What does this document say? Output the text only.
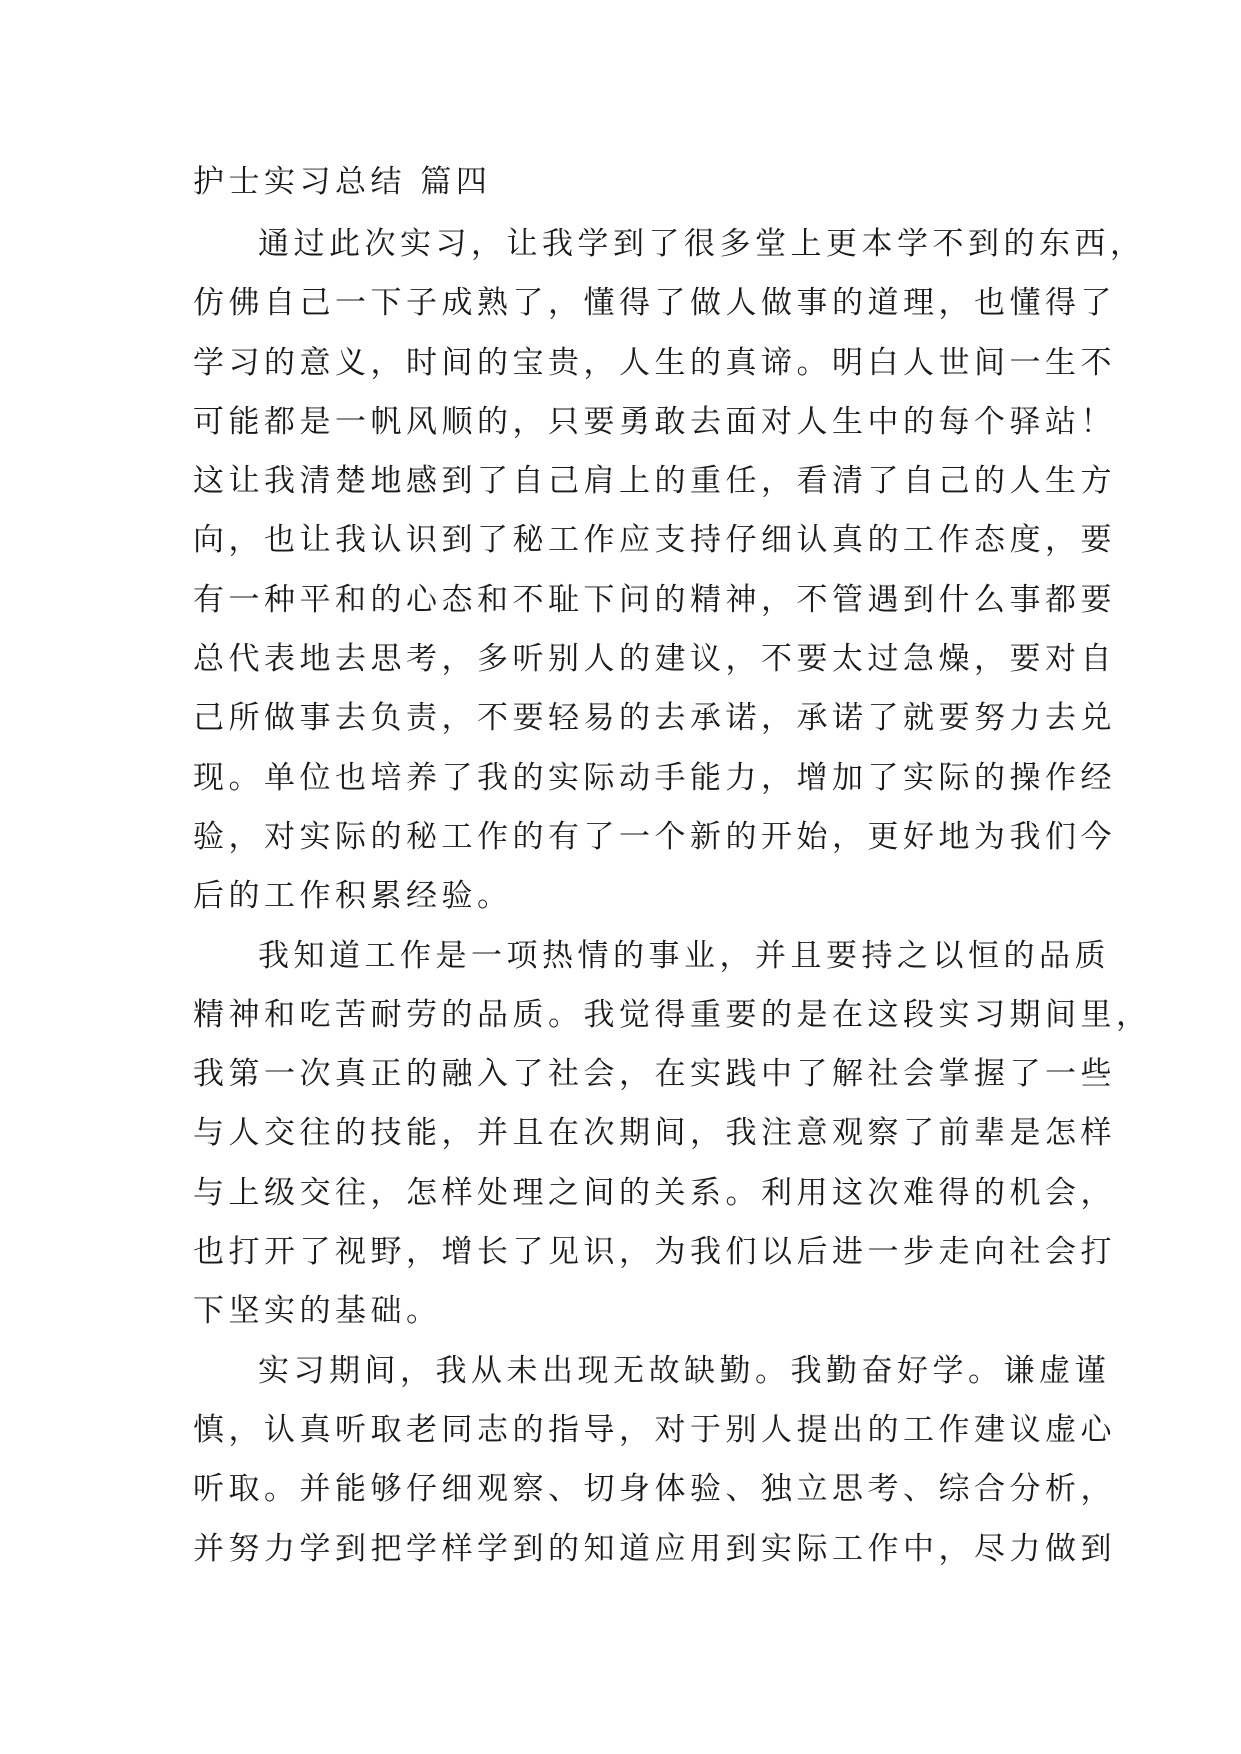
护士实习总结 篇四
通过此次实习，让我学到了很多堂上更本学不到的东西，
仿佛自己一下子成熟了，懂得了做人做事的道理，也懂得了
学习的意义，时间的宝贵，人生的真谛。明白人世间一生不
可能都是一帆风顺的，只要勇敢去面对人生中的每个驿站！
这让我清楚地感到了自己肩上的重任，看清了自己的人生方
向，也让我认识到了秘工作应支持仔细认真的工作态度，要
有一种平和的心态和不耻下问的精神，不管遇到什么事都要
总代表地去思考，多听别人的建议，不要太过急燥，要对自
己所做事去负责，不要轻易的去承诺，承诺了就要努力去兑
现。单位也培养了我的实际动手能力，增加了实际的操作经
验，对实际的秘工作的有了一个新的开始，更好地为我们今
后的工作积累经验。
我知道工作是一项热情的事业，并且要持之以恒的品质
精神和吃苦耐劳的品质。我觉得重要的是在这段实习期间里，
我第一次真正的融入了社会，在实践中了解社会掌握了一些
与人交往的技能，并且在次期间，我注意观察了前辈是怎样
与上级交往，怎样处理之间的关系。利用这次难得的机会，
也打开了视野，增长了见识，为我们以后进一步走向社会打
下坚实的基础。
实习期间，我从未出现无故缺勤。我勤奋好学。谦虚谨
慎，认真听取老同志的指导，对于别人提出的工作建议虚心
听取。并能够仔细观察、切身体验、独立思考、综合分析，
并努力学到把学样学到的知道应用到实际工作中，尽力做到
